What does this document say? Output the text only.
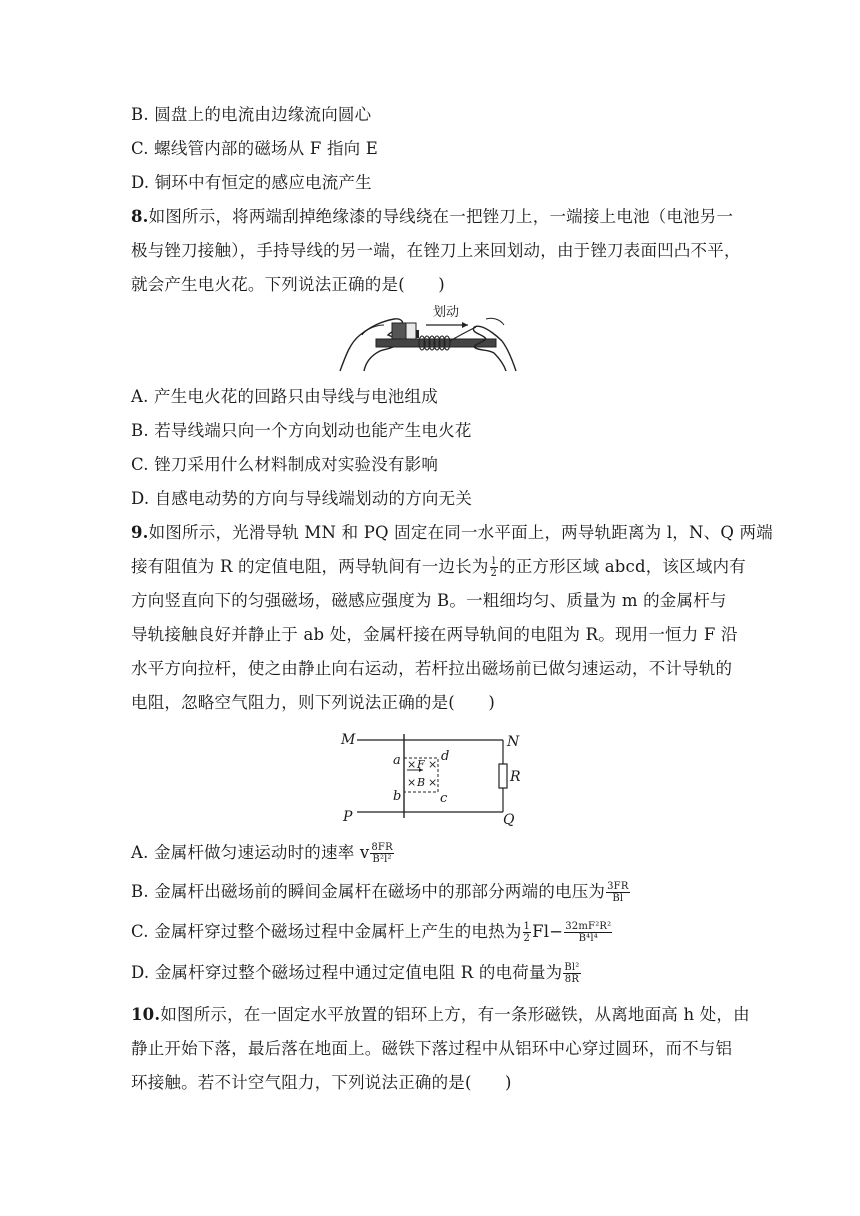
B. 圆盘上的电流由边缘流向圆心
C. 螺线管内部的磁场从 F 指向 E
D. 铜环中有恒定的感应电流产生
8.如图所示，将两端刮掉绝缘漆的导线绕在一把锉刀上，一端接上电池（电池另一
极与锉刀接触），手持导线的另一端，在锉刀上来回划动，由于锉刀表面凹凸不平，
就会产生电火花。下列说法正确的是(　　)
划动
A. 产生电火花的回路只由导线与电池组成
B. 若导线端只向一个方向划动也能产生电火花
C. 锉刀采用什么材料制成对实验没有影响
D. 自感电动势的方向与导线端划动的方向无关
9.如图所示，光滑导轨 MN 和 PQ 固定在同一水平面上，两导轨距离为 l，N、Q 两端
接有阻值为 R 的定值电阻，两导轨间有一边长为 $\frac{l}{2}$ 的正方形区域 abcd，该区域内有
方向竖直向下的匀强磁场，磁感应强度为 B。一粗细均匀、质量为 m 的金属杆与
导轨接触良好并静止于 ab 处，金属杆接在两导轨间的电阻为 R。现用一恒力 F 沿
水平方向拉杆，使之由静止向右运动，若杆拉出磁场前已做匀速运动，不计导轨的
电阻，忽略空气阻力，则下列说法正确的是(　　)
M	N
P	Q
R
a
b	c
d
× ×
× ×
F
B
A. 金属杆做匀速运动时的速率 v $\frac{8FR}{\text{B²l²}}$
B. 金属杆出磁场前的瞬间金属杆在磁场中的那部分两端的电压为 $\frac{3FR}{Bl}$
C. 金属杆穿过整个磁场过程中金属杆上产生的电热为 $\frac{1}{2} Fl- \frac{\text{32mF²R²}}{\text{B⁴l⁴}}$
D. 金属杆穿过整个磁场过程中通过定值电阻 R 的电荷量为 $\frac{\text{Bl²}}{8R}$
10.如图所示，在一固定水平放置的铝环上方，有一条形磁铁，从离地面高 h 处，由
静止开始下落，最后落在地面上。磁铁下落过程中从铝环中心穿过圆环，而不与铝
环接触。若不计空气阻力，下列说法正确的是(　　)
